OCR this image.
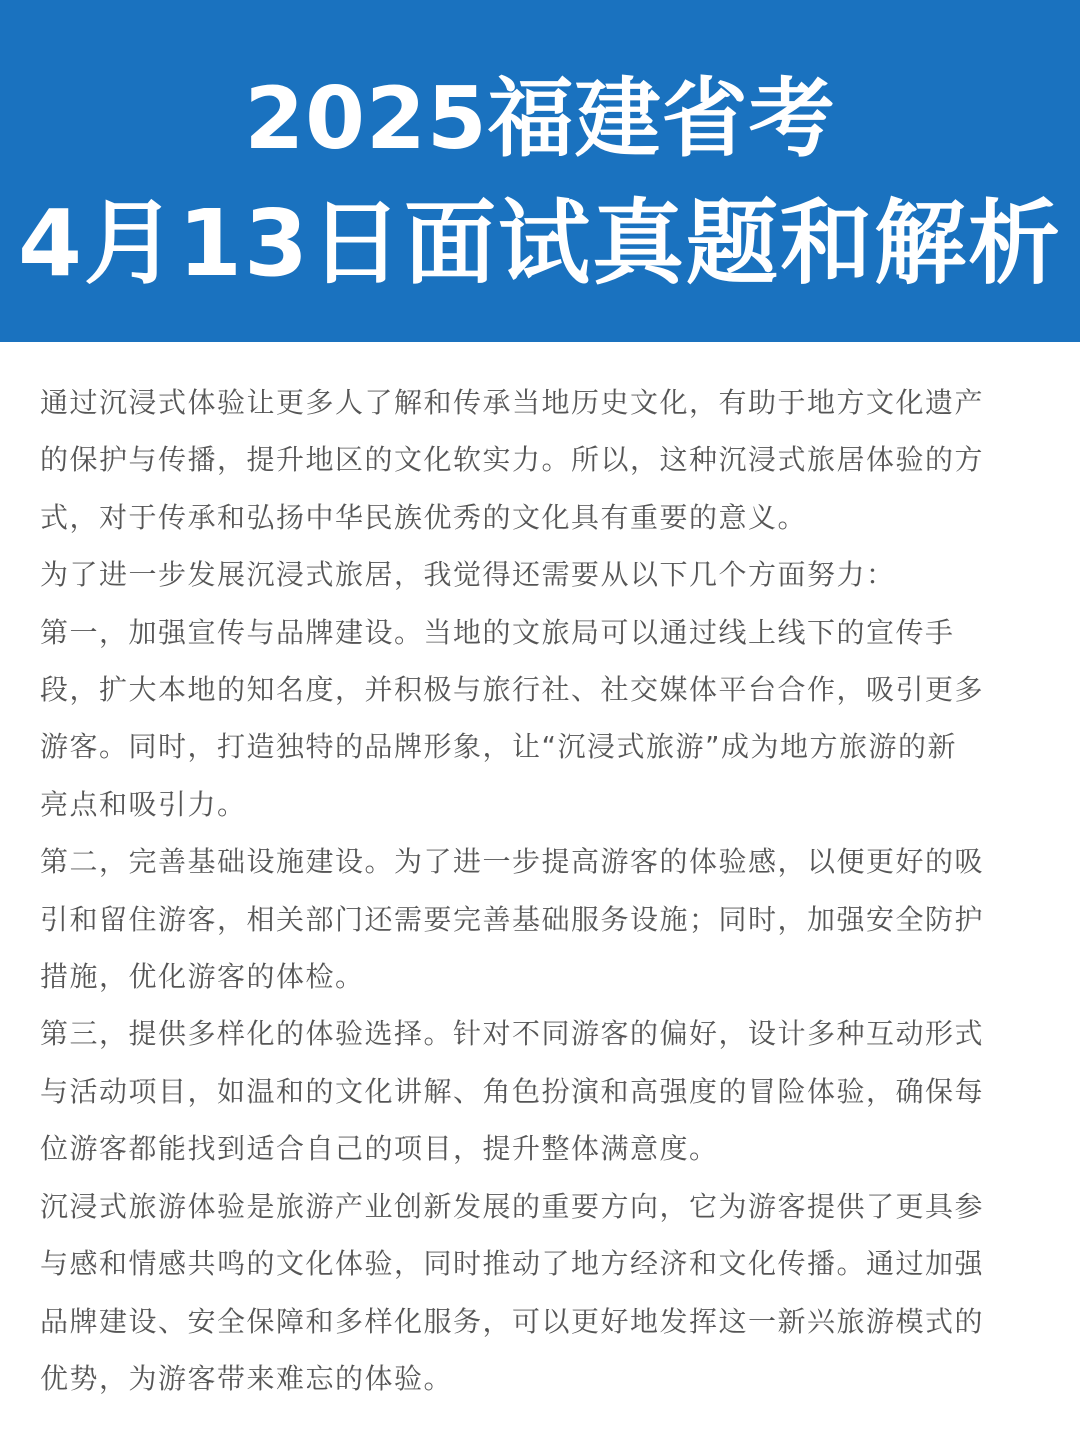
2025福建省考
4月13日面试真题和解析

通过沉浸式体验让更多人了解和传承当地历史文化，有助于地方文化遗产

的保护与传播，提升地区的文化软实力。所以，这种沉浸式旅居体验的方

式，对于传承和弘扬中华民族优秀的文化具有重要的意义。

为了进一步发展沉浸式旅居，我觉得还需要从以下几个方面努力：

第一，加强宣传与品牌建设。当地的文旅局可以通过线上线下的宣传手

段，扩大本地的知名度，并积极与旅行社、社交媒体平台合作，吸引更多

游客。同时，打造独特的品牌形象，让“沉浸式旅游”成为地方旅游的新

亮点和吸引力。

第二，完善基础设施建设。为了进一步提高游客的体验感，以便更好的吸

引和留住游客，相关部门还需要完善基础服务设施；同时，加强安全防护

措施，优化游客的体检。

第三，提供多样化的体验选择。针对不同游客的偏好，设计多种互动形式

与活动项目，如温和的文化讲解、角色扮演和高强度的冒险体验，确保每

位游客都能找到适合自己的项目，提升整体满意度。

沉浸式旅游体验是旅游产业创新发展的重要方向，它为游客提供了更具参

与感和情感共鸣的文化体验，同时推动了地方经济和文化传播。通过加强

品牌建设、安全保障和多样化服务，可以更好地发挥这一新兴旅游模式的

优势，为游客带来难忘的体验。
